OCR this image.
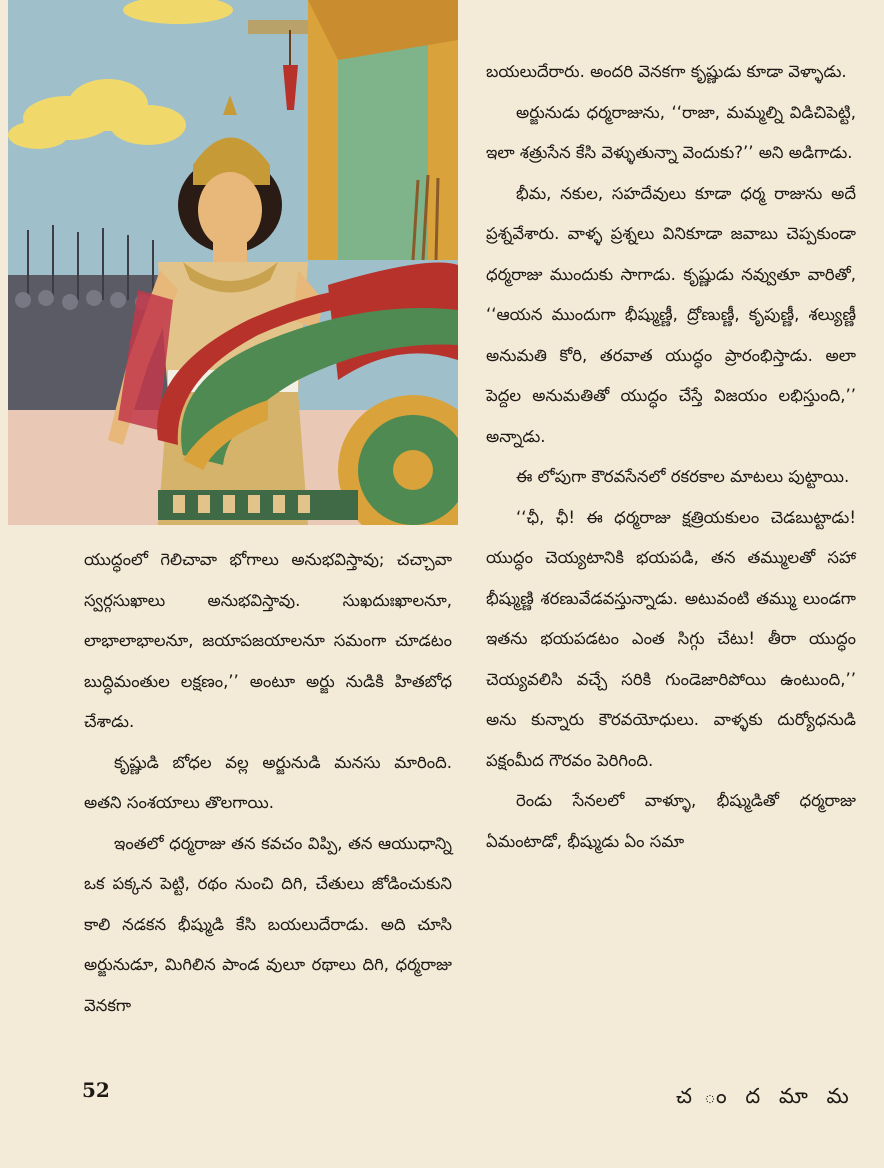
బయలుదేరారు. అందరి వెనకగా కృష్ణుడు కూడా వెళ్ళాడు.

అర్జునుడు ధర్మరాజును, ‘‘రాజా, మమ్మల్ని విడిచిపెట్టి, ఇలా శత్రుసేన కేసి వెళ్ళుతున్నా వెందుకు?’’ అని అడిగాడు.

భీమ, నకుల, సహదేవులు కూడా ధర్మ రాజును అదే ప్రశ్నవేశారు. వాళ్ళ ప్రశ్నలు వినికూడా జవాబు చెప్పకుండా ధర్మరాజు ముందుకు సాగాడు. కృష్ణుడు నవ్వుతూ వారితో, ‘‘ఆయన ముందుగా భీష్ముణ్ణీ, ద్రోణుణ్ణీ, కృపుణ్ణీ, శల్యుణ్ణీ అనుమతి కోరి, తరవాత యుద్ధం ప్రారంభిస్తాడు. అలా పెద్దల అనుమతితో యుద్ధం చేస్తే విజయం లభిస్తుంది,’’ అన్నాడు.

ఈ లోపుగా కౌరవసేనలో రకరకాల మాటలు పుట్టాయి.

‘‘ఛీ, ఛీ! ఈ ధర్మరాజు క్షత్రియకులం చెడబుట్టాడు! యుద్ధం చెయ్యటానికి భయపడి, తన తమ్ములతో సహా భీష్ముణ్ణి శరణువేడవస్తున్నాడు. అటువంటి తమ్ము లుండగా ఇతను భయపడటం ఎంత సిగ్గు చేటు! తీరా యుద్ధం చెయ్యవలిసి వచ్చే సరికి గుండెజారిపోయి ఉంటుంది,’’ అను కున్నారు కౌరవయోధులు. వాళ్ళకు దుర్యోధనుడి పక్షంమీద గౌరవం పెరిగింది.

రెండు సేనలలో వాళ్ళూ, భీష్ముడితో ధర్మరాజు ఏమంటాడో, భీష్ముడు ఏం సమా

యుద్ధంలో గెలిచావా భోగాలు అనుభవిస్తావు; చచ్చావా స్వర్గసుఖాలు అనుభవిస్తావు. సుఖదుఃఖాలనూ, లాభాలాభాలనూ, జయాపజయాలనూ సమంగా చూడటం బుద్ధిమంతుల లక్షణం,’’ అంటూ అర్జు నుడికి హితబోధ చేశాడు.

కృష్ణుడి బోధల వల్ల అర్జునుడి మనసు మారింది. అతని సంశయాలు తొలగాయి.

ఇంతలో ధర్మరాజు తన కవచం విప్పి, తన ఆయుధాన్ని ఒక పక్కన పెట్టి, రథం నుంచి దిగి, చేతులు జోడించుకుని కాలి నడకన భీష్ముడి కేసి బయలుదేరాడు. అది చూసి అర్జునుడూ, మిగిలిన పాండ వులూ రథాలు దిగి, ధర్మరాజు వెనకగా

52	చ ం ద మా మ
